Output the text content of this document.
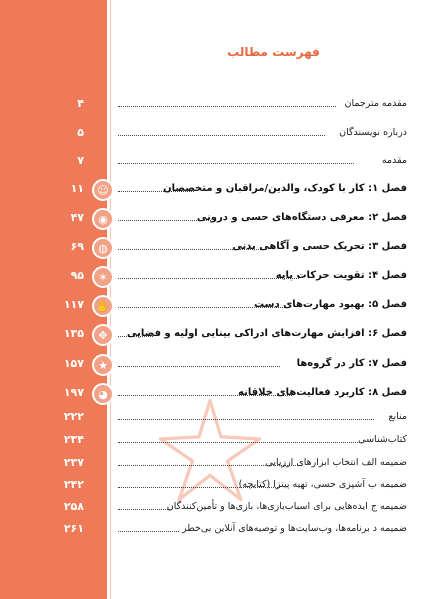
فهرست مطالب
۴	مقدمه مترجمان
۵	درباره نویسندگان
۷	مقدمه
۱۱	☺	فصل ۱: کار با کودک، والدین/مراقبان و متخصصان
۴۷	◉	فصل ۲: معرفی دستگاه‌های حسی و درونی
۶۹	◍	فصل ۳: تحریک حسی و آگاهی بدنی
۹۵	✶	فصل ۴: تقویت حرکات پایه
۱۱۷	✋	فصل ۵: بهبود مهارت‌های دست
۱۳۵	✥	فصل ۶: افزایش مهارت‌های ادراکی بینایی اولیه و فضایی
۱۵۷	★	فصل ۷: کار در گروه‌ها
۱۹۷	◕	فصل ۸: کاربرد فعالیت‌های خلاقانه
۲۲۲	منابع
۲۳۴	کتاب‌شناسی
۲۳۷	ضمیمه الف انتخاب ابزارهای ارزیابی
۲۴۲	ضمیمه ب آشپزی حسی، تهیه پیتزا (کتابچه)
۲۵۸	ضمیمه ج ایده‌هایی برای اسباب‌بازی‌ها، بازی‌ها و تأمین‌کنندگان
۲۶۱	ضمیمه د برنامه‌ها، وب‌سایت‌ها و توصیه‌های آنلاین بی‌خطر
